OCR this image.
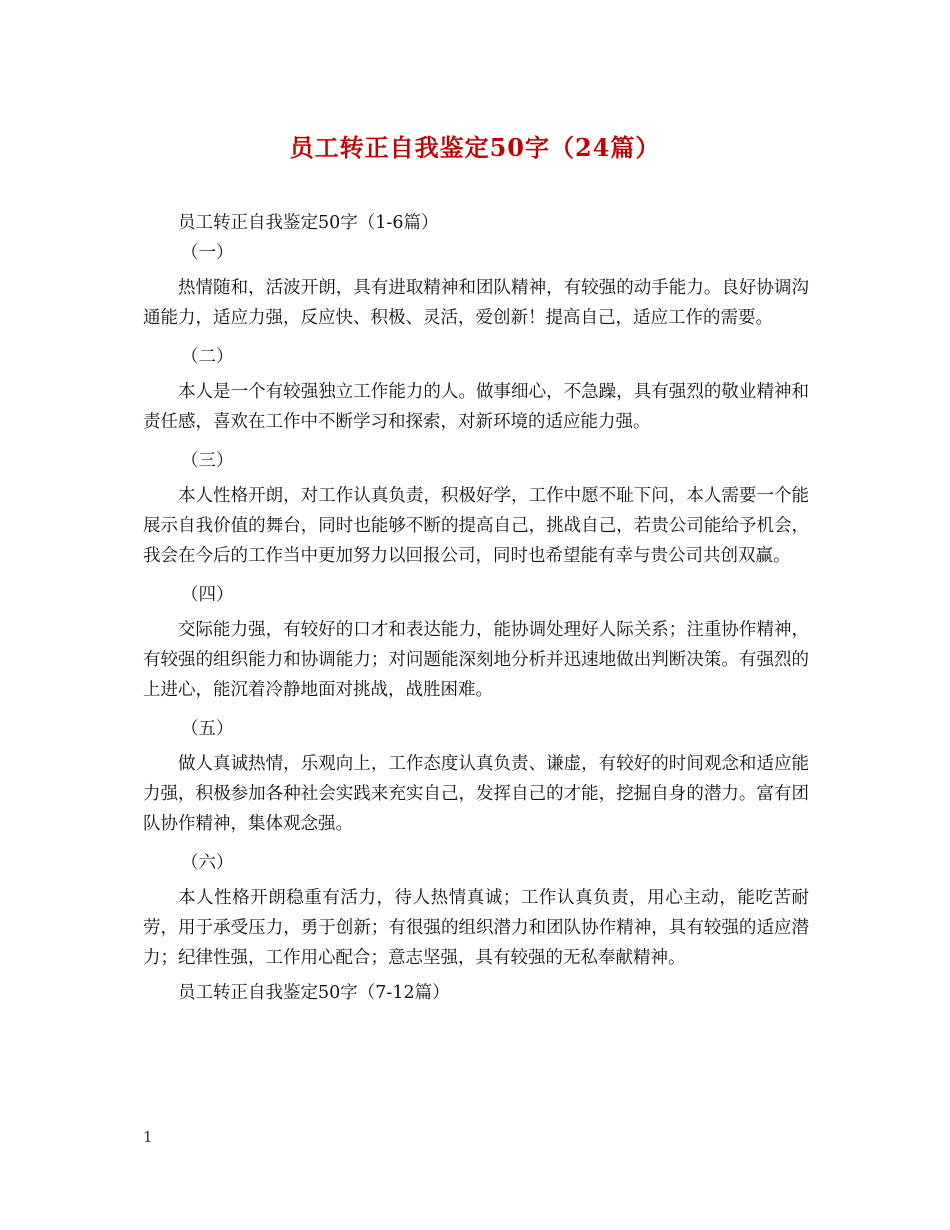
员工转正自我鉴定50字（24篇）

员工转正自我鉴定50字（1-6篇）

（一）

热情随和，活波开朗，具有进取精神和团队精神，有较强的动手能力。良好协调沟通能力，适应力强，反应快、积极、灵活，爱创新！提高自己，适应工作的需要。

（二）

本人是一个有较强独立工作能力的人。做事细心，不急躁，具有强烈的敬业精神和责任感，喜欢在工作中不断学习和探索，对新环境的适应能力强。

（三）

本人性格开朗，对工作认真负责，积极好学，工作中愿不耻下问，本人需要一个能展示自我价值的舞台，同时也能够不断的提高自己，挑战自己，若贵公司能给予机会，我会在今后的工作当中更加努力以回报公司，同时也希望能有幸与贵公司共创双赢。

（四）

交际能力强，有较好的口才和表达能力，能协调处理好人际关系；注重协作精神，有较强的组织能力和协调能力；对问题能深刻地分析并迅速地做出判断决策。有强烈的上进心，能沉着冷静地面对挑战，战胜困难。

（五）

做人真诚热情，乐观向上，工作态度认真负责、谦虚，有较好的时间观念和适应能力强，积极参加各种社会实践来充实自己，发挥自己的才能，挖掘自身的潜力。富有团队协作精神，集体观念强。

（六）

本人性格开朗稳重有活力，待人热情真诚；工作认真负责，用心主动，能吃苦耐劳，用于承受压力，勇于创新；有很强的组织潜力和团队协作精神，具有较强的适应潜力；纪律性强，工作用心配合；意志坚强，具有较强的无私奉献精神。

员工转正自我鉴定50字（7-12篇）

1
